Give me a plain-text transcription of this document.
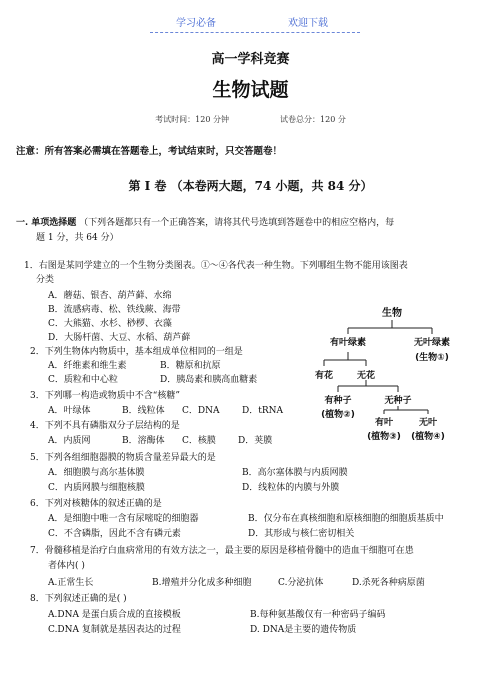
学习必备	欢迎下载
高一学科竞赛
生物试题
考试时间：120 分钟	试卷总分：120 分
注意：所有答案必需填在答题卷上，考试结束时，只交答题卷！
第 Ⅰ 卷 （本卷两大题，74 小题，共 84 分）
一. 单项选择题 （下列各题都只有一个正确答案，请将其代号选填到答题卷中的相应空格内，每
题 1 分，共 64 分）
1．右图是某同学建立的一个生物分类图表。①～④各代表一种生物。下列哪组生物不能用该图表
分类
A．蘑菇、银杏、葫芦藓、水绵
B．流感病毒、松、铁线蕨、海带
C．大熊猫、水杉、桫椤、衣藻
D．大肠杆菌、大豆、水稻、葫芦藓
2．下列生物体内物质中，基本组成单位相同的一组是
A．纤维素和维生素	B．糖原和抗原
C．质粒和中心粒	D．胰岛素和胰高血糖素
3．下列哪一构造或物质中不含“核糖”
A．叶绿体	B．线粒体 C．DNA	D．tRNA
4．下列不具有磷脂双分子层结构的是
A．内质网	B．溶酶体 C．核膜 D．荚膜
5．下列各组细胞器膜的物质含量差异最大的是
A．细胞膜与高尔基体膜	B．高尔塞体膜与内质网膜
C．内质网膜与细胞核膜	D．线粒体的内膜与外膜
6．下列对核糖体的叙述正确的是
A．是细胞中唯一含有尿嘧啶的细胞器	B．仅分布在真核细胞和原核细胞的细胞质基质中
C．不含磷脂，因此不含有磷元素	D．其形成与核仁密切相关
7．骨髓移植是治疗白血病常用的有效方法之一，最主要的原因是移植骨髓中的造血干细胞可在患
者体内( )
A.正常生长	B.增殖并分化成多种细胞	C.分泌抗体	D.杀死各种病原菌
8．下列叙述正确的是( )
A.DNA 是蛋白质合成的直接模板	B.每种氨基酸仅有一种密码子编码
C.DNA 复制就是基因表达的过程	D. DNA是主要的遗传物质
生物
有叶绿素	无叶绿素
(生物①)
有花	无花
有种子
(植物②)
无种子
有叶	无叶
(植物③) (植物④)
